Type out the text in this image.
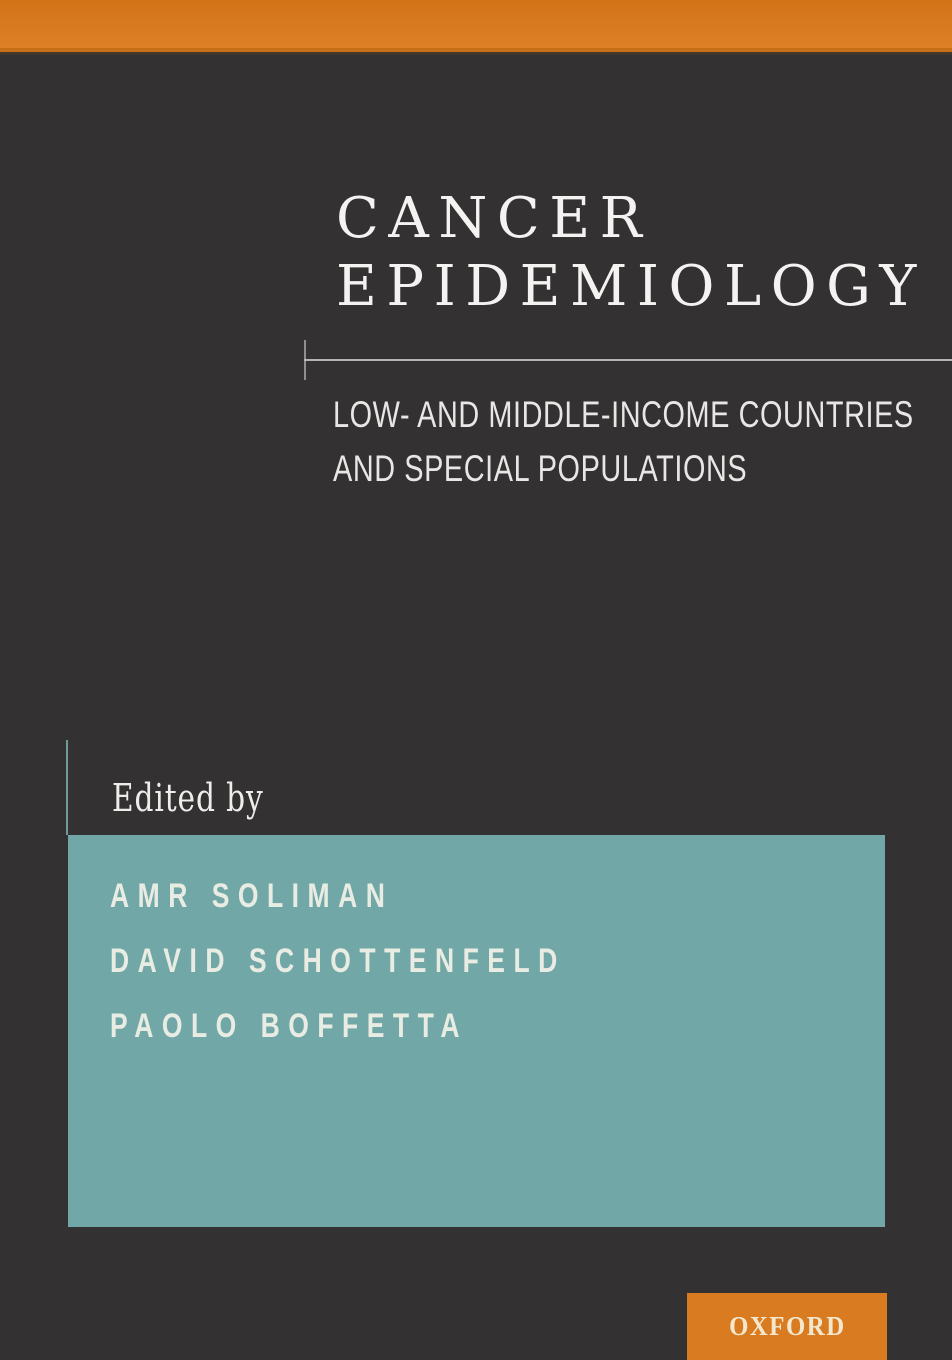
CANCER
EPIDEMIOLOGY
LOW- AND MIDDLE-INCOME COUNTRIES
AND SPECIAL POPULATIONS
Edited by
AMR SOLIMAN
DAVID SCHOTTENFELD
PAOLO BOFFETTA
OXFORD
